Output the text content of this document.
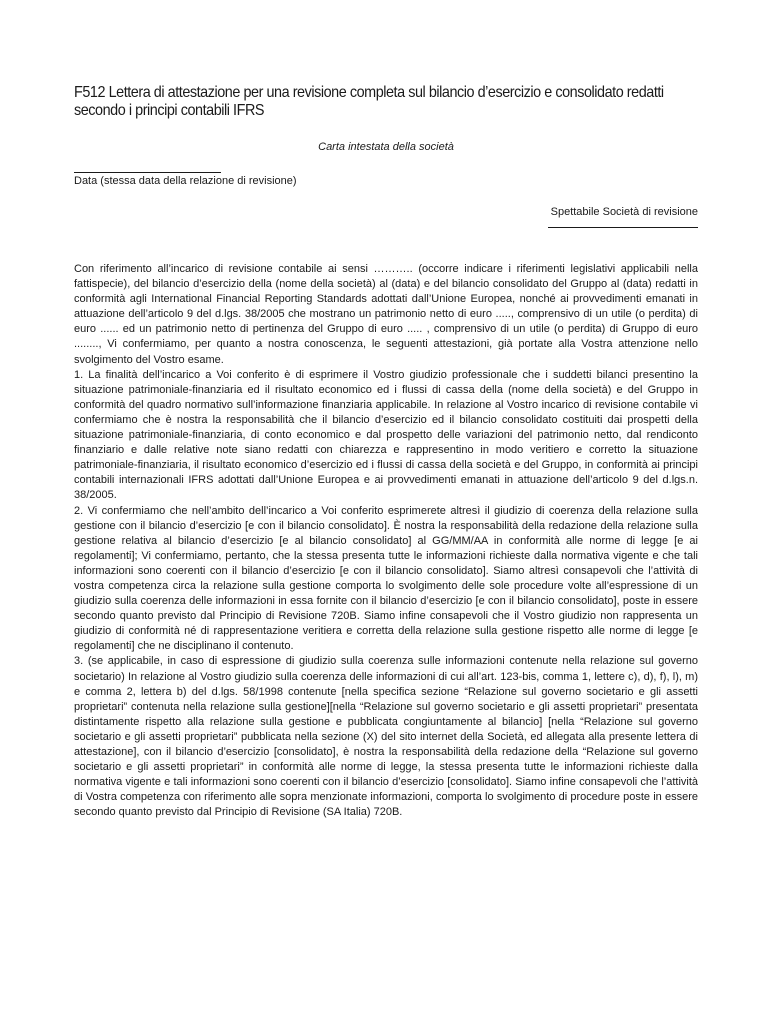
F512 Lettera di attestazione per una revisione completa sul bilancio d’esercizio e consolidato redatti secondo i principi contabili IFRS
Carta intestata della società
Data (stessa data della relazione di revisione)
Spettabile Società di revisione

Con riferimento all’incarico di revisione contabile ai sensi ……….. (occorre indicare i riferimenti legislativi applicabili nella fattispecie), del bilancio d’esercizio della (nome della società) al (data) e del bilancio consolidato del Gruppo al (data) redatti in conformità agli International Financial Reporting Standards adottati dall’Unione Europea, nonché ai provvedimenti emanati in attuazione dell’articolo 9 del d.lgs. 38/2005 che mostrano un patrimonio netto di euro ....., comprensivo di un utile (o perdita) di euro ...... ed un patrimonio netto di pertinenza del Gruppo di euro ..... , comprensivo di un utile (o perdita) di Gruppo di euro ........, Vi confermiamo, per quanto a nostra conoscenza, le seguenti attestazioni, già portate alla Vostra attenzione nello svolgimento del Vostro esame.

1. La finalità dell’incarico a Voi conferito è di esprimere il Vostro giudizio professionale che i suddetti bilanci presentino la situazione patrimoniale-finanziaria ed il risultato economico ed i flussi di cassa della (nome della società) e del Gruppo in conformità del quadro normativo sull’informazione finanziaria applicabile. In relazione al Vostro incarico di revisione contabile vi confermiamo che è nostra la responsabilità che il bilancio d’esercizio ed il bilancio consolidato costituiti dai prospetti della situazione patrimoniale-finanziaria, di conto economico e dal prospetto delle variazioni del patrimonio netto, dal rendiconto finanziario e dalle relative note siano redatti con chiarezza e rappresentino in modo veritiero e corretto la situazione patrimoniale-finanziaria, il risultato economico d’esercizio ed i flussi di cassa della società e del Gruppo, in conformità ai principi contabili internazionali IFRS adottati dall’Unione Europea e ai provvedimenti emanati in attuazione dell’articolo 9 del d.lgs.n. 38/2005.

2. Vi confermiamo che nell’ambito dell’incarico a Voi conferito esprimerete altresì il giudizio di coerenza della relazione sulla gestione con il bilancio d’esercizio [e con il bilancio consolidato]. È nostra la responsabilità della redazione della relazione sulla gestione relativa al bilancio d’esercizio [e al bilancio consolidato] al GG/MM/AA in conformità alle norme di legge [e ai regolamenti]; Vi confermiamo, pertanto, che la stessa presenta tutte le informazioni richieste dalla normativa vigente e che tali informazioni sono coerenti con il bilancio d’esercizio [e con il bilancio consolidato]. Siamo altresì consapevoli che l’attività di vostra competenza circa la relazione sulla gestione comporta lo svolgimento delle sole procedure volte all’espressione di un giudizio sulla coerenza delle informazioni in essa fornite con il bilancio d’esercizio [e con il bilancio consolidato], poste in essere secondo quanto previsto dal Principio di Revisione 720B. Siamo infine consapevoli che il Vostro giudizio non rappresenta un giudizio di conformità né di rappresentazione veritiera e corretta della relazione sulla gestione rispetto alle norme di legge [e regolamenti] che ne disciplinano il contenuto.

3. (se applicabile, in caso di espressione di giudizio sulla coerenza sulle informazioni contenute nella relazione sul governo societario) In relazione al Vostro giudizio sulla coerenza delle informazioni di cui all’art. 123-bis, comma 1, lettere c), d), f), l), m) e comma 2, lettera b) del d.lgs. 58/1998 contenute [nella specifica sezione “Relazione sul governo societario e gli assetti proprietari” contenuta nella relazione sulla gestione][nella “Relazione sul governo societario e gli assetti proprietari” presentata distintamente rispetto alla relazione sulla gestione e pubblicata congiuntamente al bilancio] [nella “Relazione sul governo societario e gli assetti proprietari” pubblicata nella sezione (X) del sito internet della Società, ed allegata alla presente lettera di attestazione], con il bilancio d’esercizio [consolidato], è nostra la responsabilità della redazione della “Relazione sul governo societario e gli assetti proprietari” in conformità alle norme di legge, la stessa presenta tutte le informazioni richieste dalla normativa vigente e tali informazioni sono coerenti con il bilancio d’esercizio [consolidato]. Siamo infine consapevoli che l’attività di Vostra competenza con riferimento alle sopra menzionate informazioni, comporta lo svolgimento di procedure poste in essere secondo quanto previsto dal Principio di Revisione (SA Italia) 720B.
